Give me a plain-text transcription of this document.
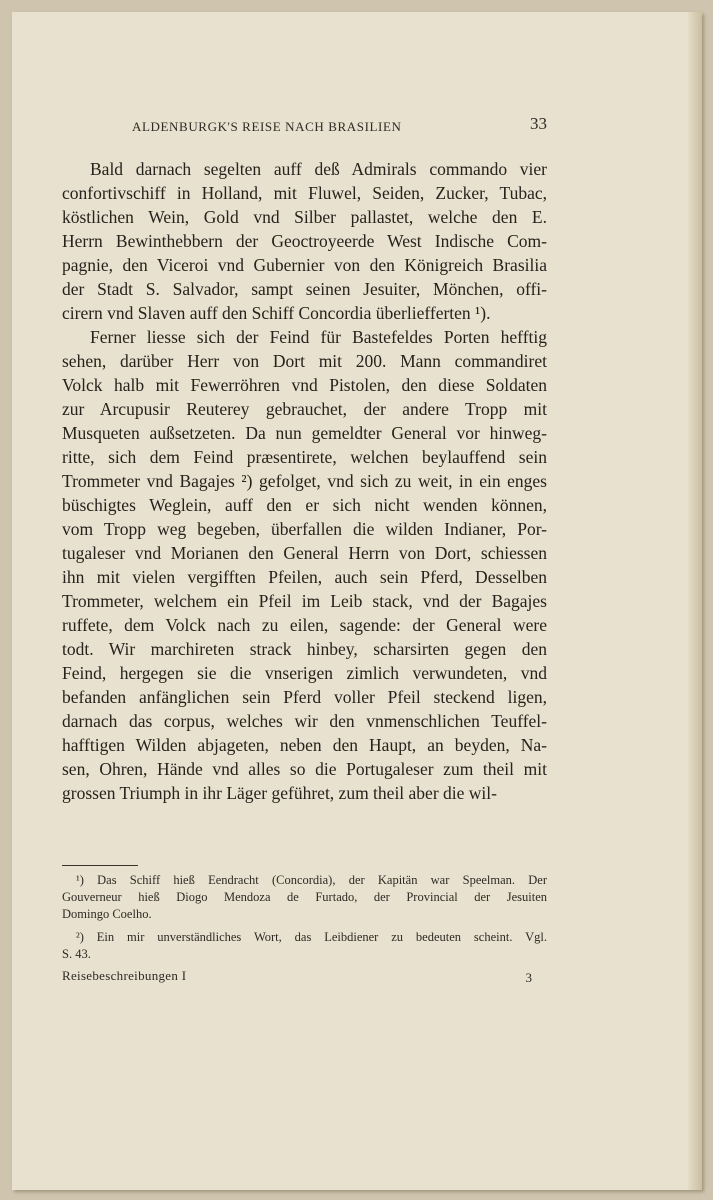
ALDENBURGK'S REISE NACH BRASILIEN	33
Bald darnach segelten auff deß Admirals commando vier
confortivschiff in Holland, mit Fluwel, Seiden, Zucker, Tubac,
köstlichen Wein, Gold vnd Silber pallastet, welche den E.
Herrn Bewinthebbern der Geoctroyeerde West Indische Com-
pagnie, den Viceroi vnd Gubernier von den Königreich Brasilia
der Stadt S. Salvador, sampt seinen Jesuiter, Mönchen, offi-
cirern vnd Slaven auff den Schiff Concordia überliefferten ¹).
Ferner liesse sich der Feind für Bastefeldes Porten hefftig
sehen, darüber Herr von Dort mit 200. Mann commandiret
Volck halb mit Fewerröhren vnd Pistolen, den diese Soldaten
zur Arcupusir Reuterey gebrauchet, der andere Tropp mit
Musqueten außsetzeten. Da nun gemeldter General vor hinweg-
ritte, sich dem Feind præsentirete, welchen beylauffend sein
Trommeter vnd Bagajes ²) gefolget, vnd sich zu weit, in ein enges
büschigtes Weglein, auff den er sich nicht wenden können,
vom Tropp weg begeben, überfallen die wilden Indianer, Por-
tugaleser vnd Morianen den General Herrn von Dort, schiessen
ihn mit vielen vergifften Pfeilen, auch sein Pferd, Desselben
Trommeter, welchem ein Pfeil im Leib stack, vnd der Bagajes
ruffete, dem Volck nach zu eilen, sagende: der General were
todt. Wir marchireten strack hinbey, scharsirten gegen den
Feind, hergegen sie die vnserigen zimlich verwundeten, vnd
befanden anfänglichen sein Pferd voller Pfeil steckend ligen,
darnach das corpus, welches wir den vnmenschlichen Teuffel-
hafftigen Wilden abjageten, neben den Haupt, an beyden, Na-
sen, Ohren, Hände vnd alles so die Portugaleser zum theil mit
grossen Triumph in ihr Läger geführet, zum theil aber die wil-
¹) Das Schiff hieß Eendracht (Concordia), der Kapitän war Speelman. Der
Gouverneur hieß Diogo Mendoza de Furtado, der Provincial der Jesuiten
Domingo Coelho.
²) Ein mir unverständliches Wort, das Leibdiener zu bedeuten scheint. Vgl.
S. 43.
Reisebeschreibungen I	3
